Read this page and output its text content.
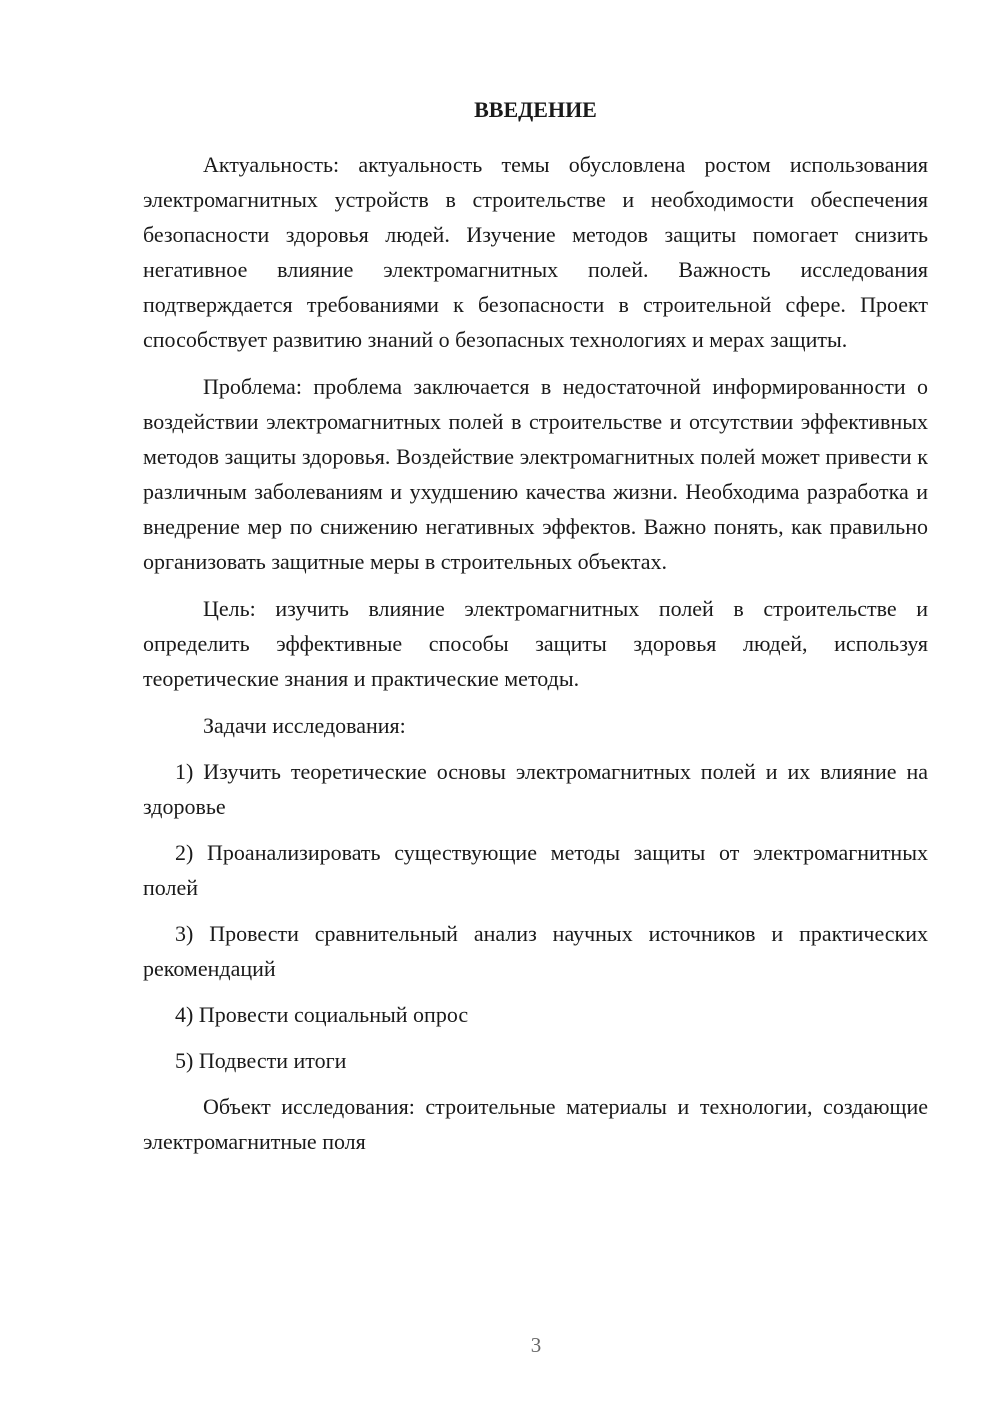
ВВЕДЕНИЕ

Актуальность: актуальность темы обусловлена ростом использования электромагнитных устройств в строительстве и необходимости обеспечения безопасности здоровья людей. Изучение методов защиты помогает снизить негативное влияние электромагнитных полей. Важность исследования подтверждается требованиями к безопасности в строительной сфере. Проект способствует развитию знаний о безопасных технологиях и мерах защиты.

Проблема: проблема заключается в недостаточной информированности о воздействии электромагнитных полей в строительстве и отсутствии эффективных методов защиты здоровья. Воздействие электромагнитных полей может привести к различным заболеваниям и ухудшению качества жизни. Необходима разработка и внедрение мер по снижению негативных эффектов. Важно понять, как правильно организовать защитные меры в строительных объектах.

Цель: изучить влияние электромагнитных полей в строительстве и определить эффективные способы защиты здоровья людей, используя теоретические знания и практические методы.

Задачи исследования:

1) Изучить теоретические основы электромагнитных полей и их влияние на здоровье

2) Проанализировать существующие методы защиты от электромагнитных полей

3) Провести сравнительный анализ научных источников и практических рекомендаций

4) Провести социальный опрос

5) Подвести итоги

Объект исследования: строительные материалы и технологии, создающие электромагнитные поля

3
